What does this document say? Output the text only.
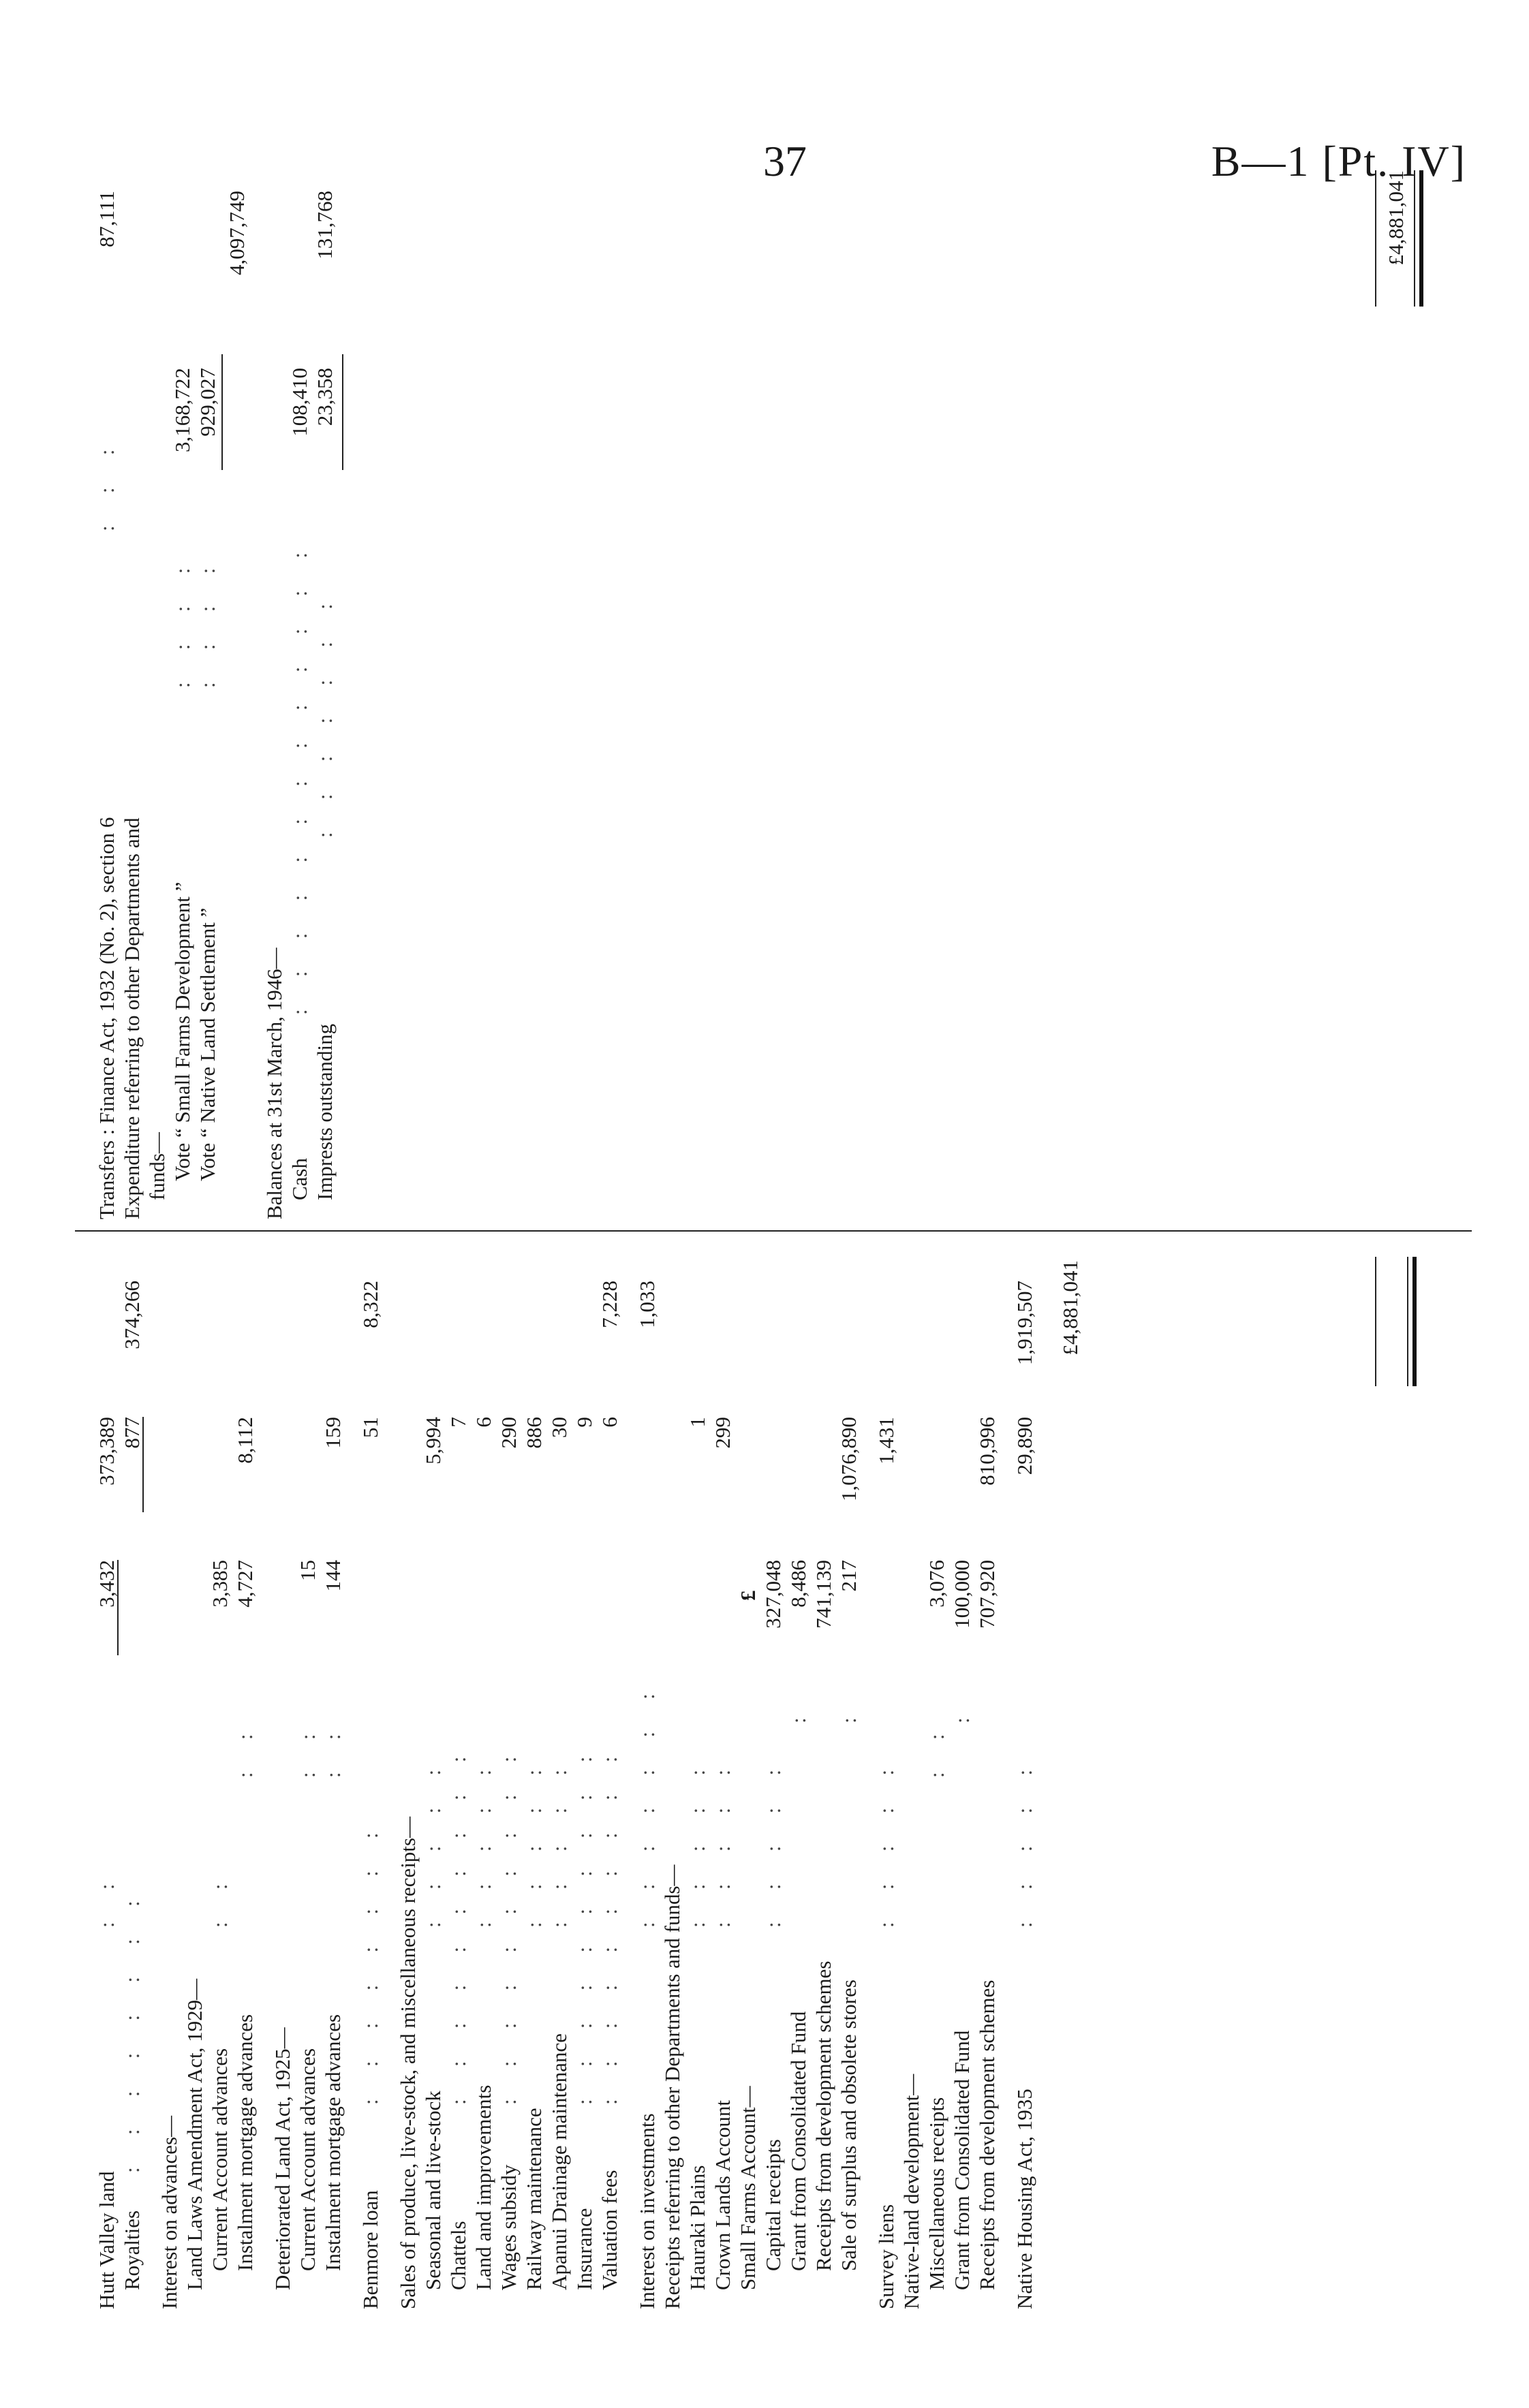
37	B—1 [Pt. IV]
Hutt Valley land
:   :
3,432
373,389
Royalties
:   :   :   :   :   :   :   :
877
374,266
Interest on advances— Land Laws Amendment Act, 1929— Current Account advances
:   :
3,385
Instalment mortgage advances
:   :
4,727
8,112
Deteriorated Land Act, 1925— Current Account advances
:   :
15
Instalment mortgage advances
:   :
144
159
Benmore loan
:   :   :   :   :   :   :   :
51
8,322
Sales of produce, live-stock, and miscellaneous receipts— Seasonal and live-stock
:   :   :   :   :
5,994
Chattels
:   :   :   :   :   :   :   :   :   :
7
Land and improvements
:   :   :   :   :
6
Wages subsidy
:   :   :   :   :   :   :   :   :   :
290
Railway maintenance
:   :   :   :   :
886
Apanui Drainage maintenance
:   :   :   :   :
30
Insurance
:   :   :   :   :   :   :   :   :   :
9
Valuation fees
:   :   :   :   :   :   :   :   :   :
6
7,228
Interest on investments
:   :   :   :   :   :   :
1,033
Receipts referring to other Departments and funds— Hauraki Plains
:   :   :   :   :
1
Crown Lands Account
:   :   :   :   :
299
Small Farms Account—
£
Capital receipts
:   :   :   :   :
327,048
Grant from Consolidated Fund
:
8,486
Receipts from development schemes
741,139
Sale of surplus and obsolete stores
:
217
1,076,890
Survey liens
:   :   :   :   :
1,431
Native-land development— Miscellaneous receipts
:   :
3,076
Grant from Consolidated Fund
:
100,000
Receipts from development schemes
707,920
810,996
Native Housing Act, 1935
:   :   :   :   :
29,890
1,919,507 £4,881,041
Transfers : Finance Act, 1932 (No. 2), section 6
:   :   :
87,111
Expenditure referring to other Departments and funds— Vote “ Small Farms Development ”
:   :   :   :
3,168,722
Vote “ Native Land Settlement ”
:   :   :   :
929,027
4,097,749
Balances at 31st March, 1946— Cash
:   :   :   :   :   :   :   :   :   :   :   :   :
108,410
Imprests outstanding
:   :   :   :   :   :   :
23,358
131,768	£4,881,041
